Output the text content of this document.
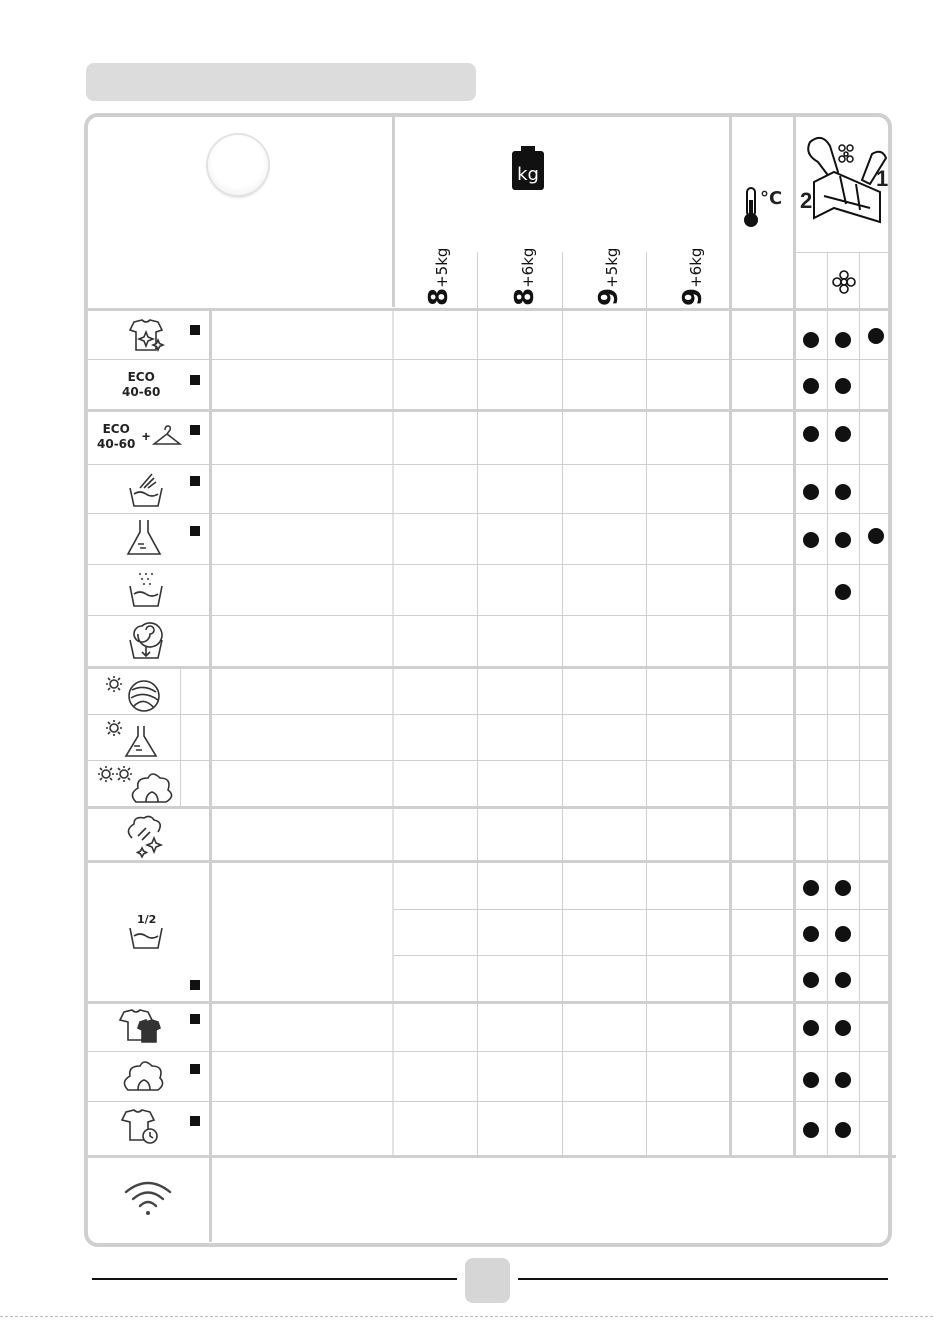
kg
°C
1
2
8+5kg
8+6kg
9+5kg
9+6kg
ECO
40-60
ECO
40-60 +
1/2
